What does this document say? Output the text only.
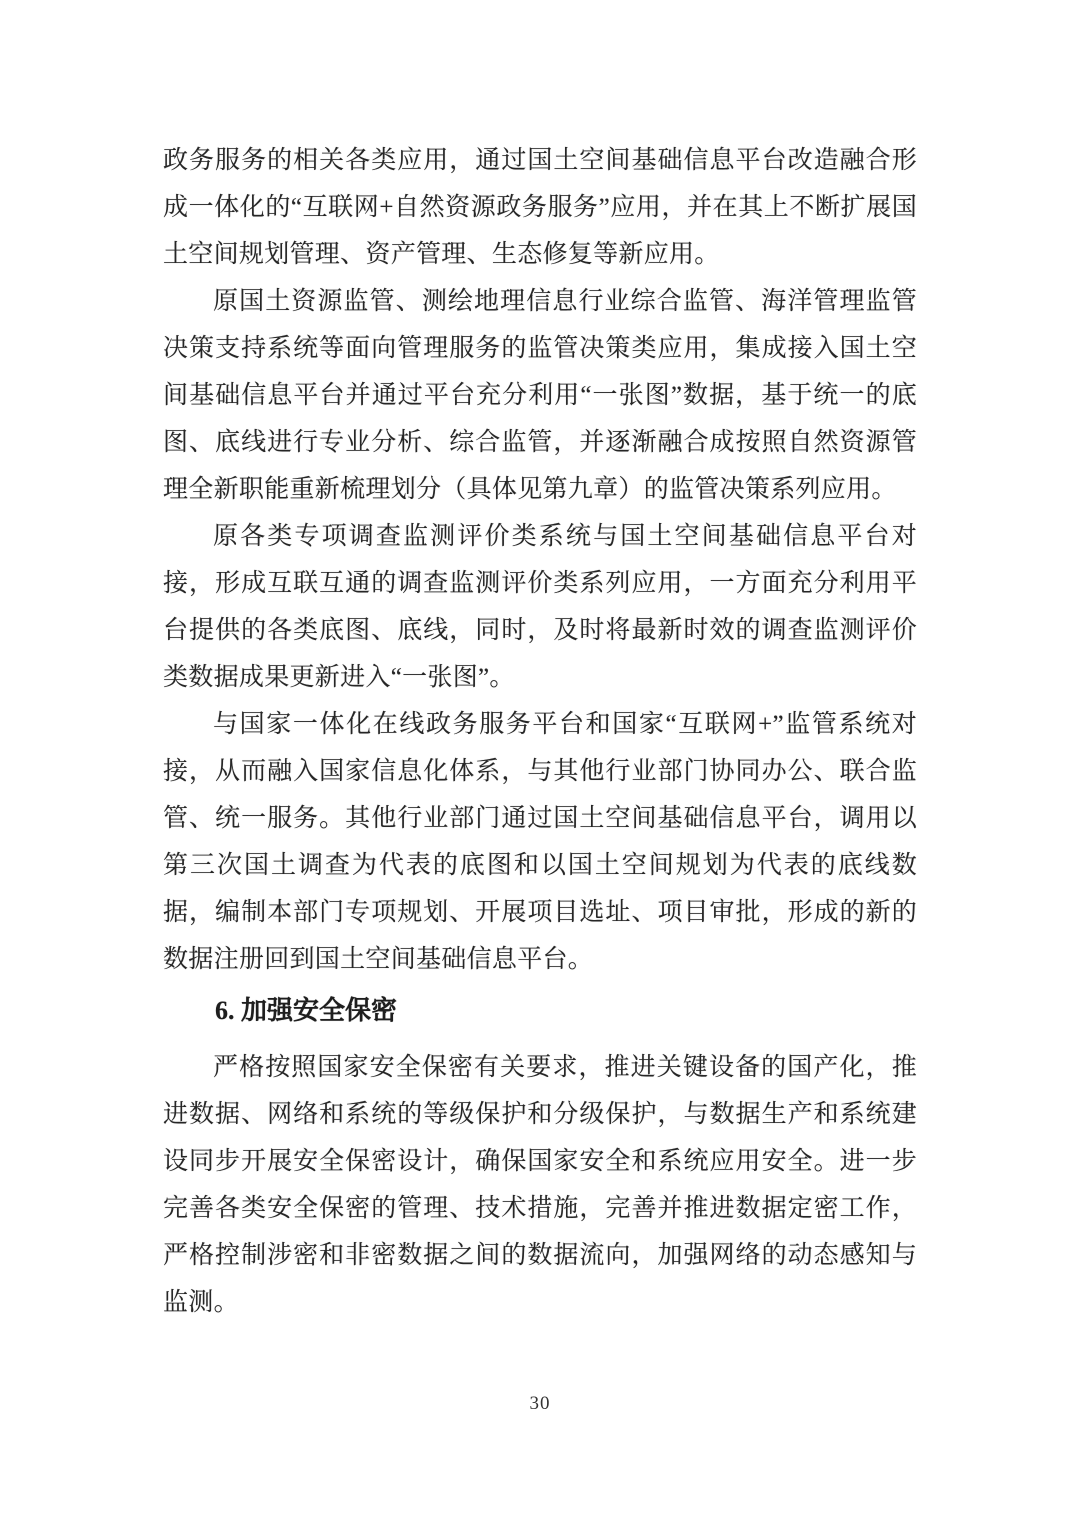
政务服务的相关各类应用，通过国土空间基础信息平台改造融合形成一体化的“互联网+自然资源政务服务”应用，并在其上不断扩展国土空间规划管理、资产管理、生态修复等新应用。

原国土资源监管、测绘地理信息行业综合监管、海洋管理监管决策支持系统等面向管理服务的监管决策类应用，集成接入国土空间基础信息平台并通过平台充分利用“一张图”数据，基于统一的底图、底线进行专业分析、综合监管，并逐渐融合成按照自然资源管理全新职能重新梳理划分（具体见第九章）的监管决策系列应用。

原各类专项调查监测评价类系统与国土空间基础信息平台对接，形成互联互通的调查监测评价类系列应用，一方面充分利用平台提供的各类底图、底线，同时，及时将最新时效的调查监测评价类数据成果更新进入“一张图”。

与国家一体化在线政务服务平台和国家“互联网+”监管系统对接，从而融入国家信息化体系，与其他行业部门协同办公、联合监管、统一服务。其他行业部门通过国土空间基础信息平台，调用以第三次国土调查为代表的底图和以国土空间规划为代表的底线数据，编制本部门专项规划、开展项目选址、项目审批，形成的新的数据注册回到国土空间基础信息平台。

6. 加强安全保密

严格按照国家安全保密有关要求，推进关键设备的国产化，推进数据、网络和系统的等级保护和分级保护，与数据生产和系统建设同步开展安全保密设计，确保国家安全和系统应用安全。进一步完善各类安全保密的管理、技术措施，完善并推进数据定密工作，严格控制涉密和非密数据之间的数据流向，加强网络的动态感知与监测。

30
